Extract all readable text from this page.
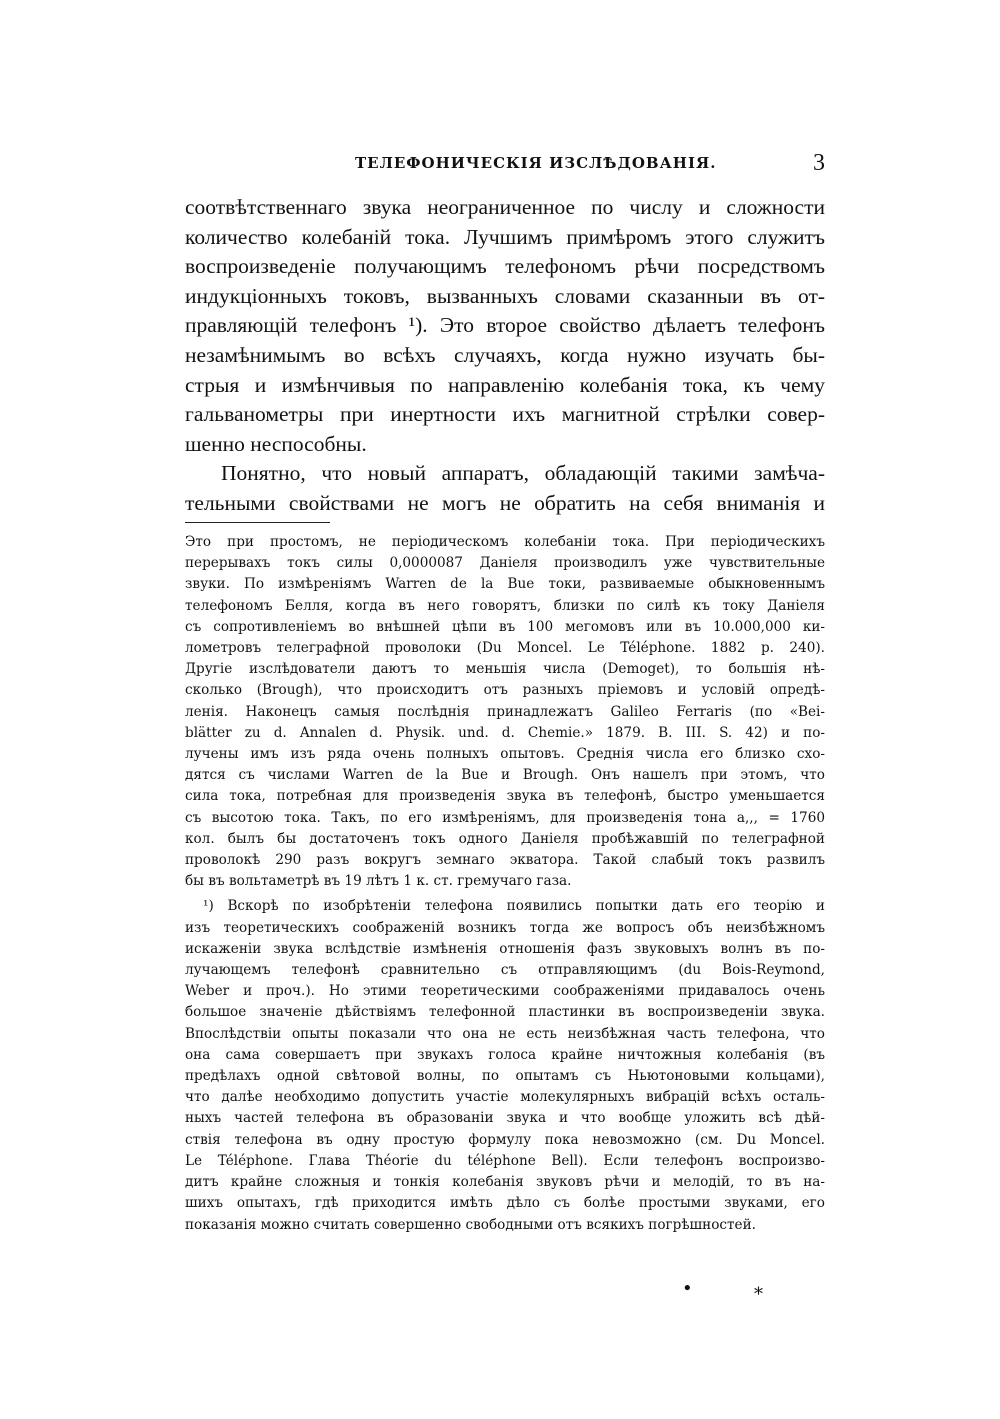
ТЕЛЕФОНИЧЕСКІЯ ИЗСЛѢДОВАНІЯ.	3
соотвѣтственнаго звука неограниченное по числу и сложности
количество колебаній тока. Лучшимъ примѣромъ этого служитъ
воспроизведеніе получающимъ телефономъ рѣчи посредствомъ
индукціонныхъ токовъ, вызванныхъ словами сказанныи въ от-
правляющій телефонъ ¹). Это второе свойство дѣлаетъ телефонъ
незамѣнимымъ во всѣхъ случаяхъ, когда нужно изучать бы-
стрыя и измѣнчивыя по направленію колебанія тока, къ чему
гальванометры при инертности ихъ магнитной стрѣлки совер-
шенно неспособны.
Понятно, что новый аппаратъ, обладающій такими замѣча-
тельными свойствами не могъ не обратить на себя вниманія и
Это при простомъ, не періодическомъ колебаніи тока. При періодическихъ
перерывахъ токъ силы 0,0000087 Даніеля производилъ уже чувствительные
звуки. По измѣреніямъ Warren de la Bue токи, развиваемые обыкновеннымъ
телефономъ Белля, когда въ него говорятъ, близки по силѣ къ току Даніеля
съ сопротивленіемъ во внѣшней цѣпи въ 100 мегомовъ или въ 10.000,000 ки-
лометровъ телеграфной проволоки (Du Moncel. Le Téléphone. 1882 p. 240).
Другіе изслѣдователи даютъ то меньшія числа (Demoget), то большія нѣ-
сколько (Brough), что происходитъ отъ разныхъ пріемовъ и условій опредѣ-
ленія. Наконецъ самыя послѣднія принадлежатъ Galileo Ferraris (по «Bei-
blätter zu d. Annalen d. Physik. und. d. Chemie.» 1879. B. III. S. 42) и по-
лучены имъ изъ ряда очень полныхъ опытовъ. Среднія числа его близко схо-
дятся съ числами Warren de la Bue и Brough. Онъ нашелъ при этомъ, что
сила тока, потребная для произведенія звука въ телефонѣ, быстро уменьшается
съ высотою тока. Такъ, по его измѣреніямъ, для произведенія тона a,,, = 1760
кол. былъ бы достаточенъ токъ одного Даніеля пробѣжавшій по телеграфной
проволокѣ 290 разъ вокругъ земнаго экватора. Такой слабый токъ развилъ
бы въ вольтаметрѣ въ 19 лѣтъ 1 к. ст. гремучаго газа.
¹) Вскорѣ по изобрѣтеніи телефона появились попытки дать его теорію и
изъ теоретическихъ соображеній возникъ тогда же вопросъ объ неизбѣжномъ
искаженіи звука вслѣдствіе измѣненія отношенія фазъ звуковыхъ волнъ въ по-
лучающемъ телефонѣ сравнительно съ отправляющимъ (du Bois-Reymond,
Weber и проч.). Но этими теоретическими соображеніями придавалось очень
большое значеніе дѣйствіямъ телефонной пластинки въ воспроизведеніи звука.
Впослѣдствіи опыты показали что она не есть неизбѣжная часть телефона, что
она сама совершаетъ при звукахъ голоса крайне ничтожныя колебанія (въ
предѣлахъ одной свѣтовой волны, по опытамъ съ Ньютоновыми кольцами),
что далѣе необходимо допустить участіе молекулярныхъ вибрацій всѣхъ осталь-
ныхъ частей телефона въ образованіи звука и что вообще уложить всѣ дѣй-
ствія телефона въ одну простую формулу пока невозможно (см. Du Moncel.
Le Téléphone. Глава Théorie du téléphone Bell). Если телефонъ воспроизво-
дитъ крайне сложныя и тонкія колебанія звуковъ рѣчи и мелодій, то въ на-
шихъ опытахъ, гдѣ приходится имѣть дѣло съ болѣе простыми звуками, его
показанія можно считать совершенно свободными отъ всякихъ погрѣшностей.
•	*
